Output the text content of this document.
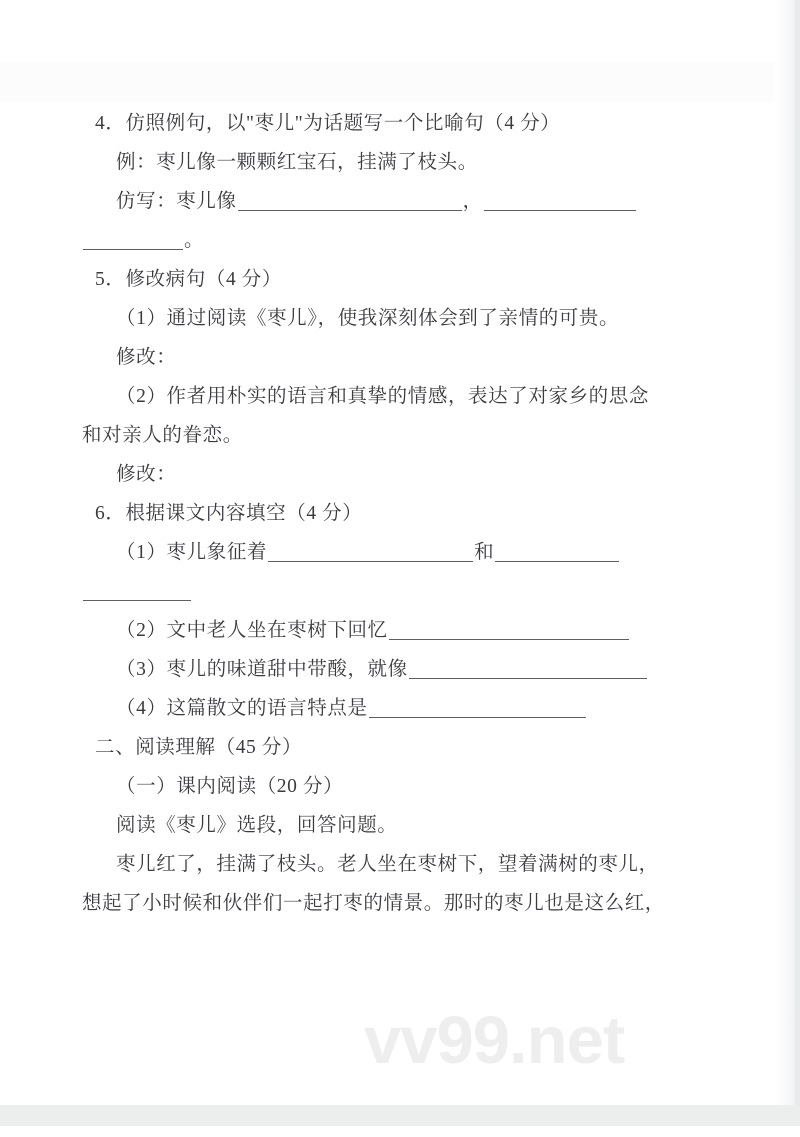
4．仿照例句，以"枣儿"为话题写一个比喻句（4 分）
例：枣儿像一颗颗红宝石，挂满了枝头。
仿写：枣儿像	，
。
5．修改病句（4 分）
（1）通过阅读《枣儿》，使我深刻体会到了亲情的可贵。
修改：
（2）作者用朴实的语言和真挚的情感，表达了对家乡的思念
和对亲人的眷恋。
修改：
6．根据课文内容填空（4 分）
（1）枣儿象征着	和
（2）文中老人坐在枣树下回忆
（3）枣儿的味道甜中带酸，就像
（4）这篇散文的语言特点是
二、阅读理解（45 分）
（一）课内阅读（20 分）
阅读《枣儿》选段，回答问题。
枣儿红了，挂满了枝头。老人坐在枣树下，望着满树的枣儿，
想起了小时候和伙伴们一起打枣的情景。那时的枣儿也是这么红，
vv99.net
